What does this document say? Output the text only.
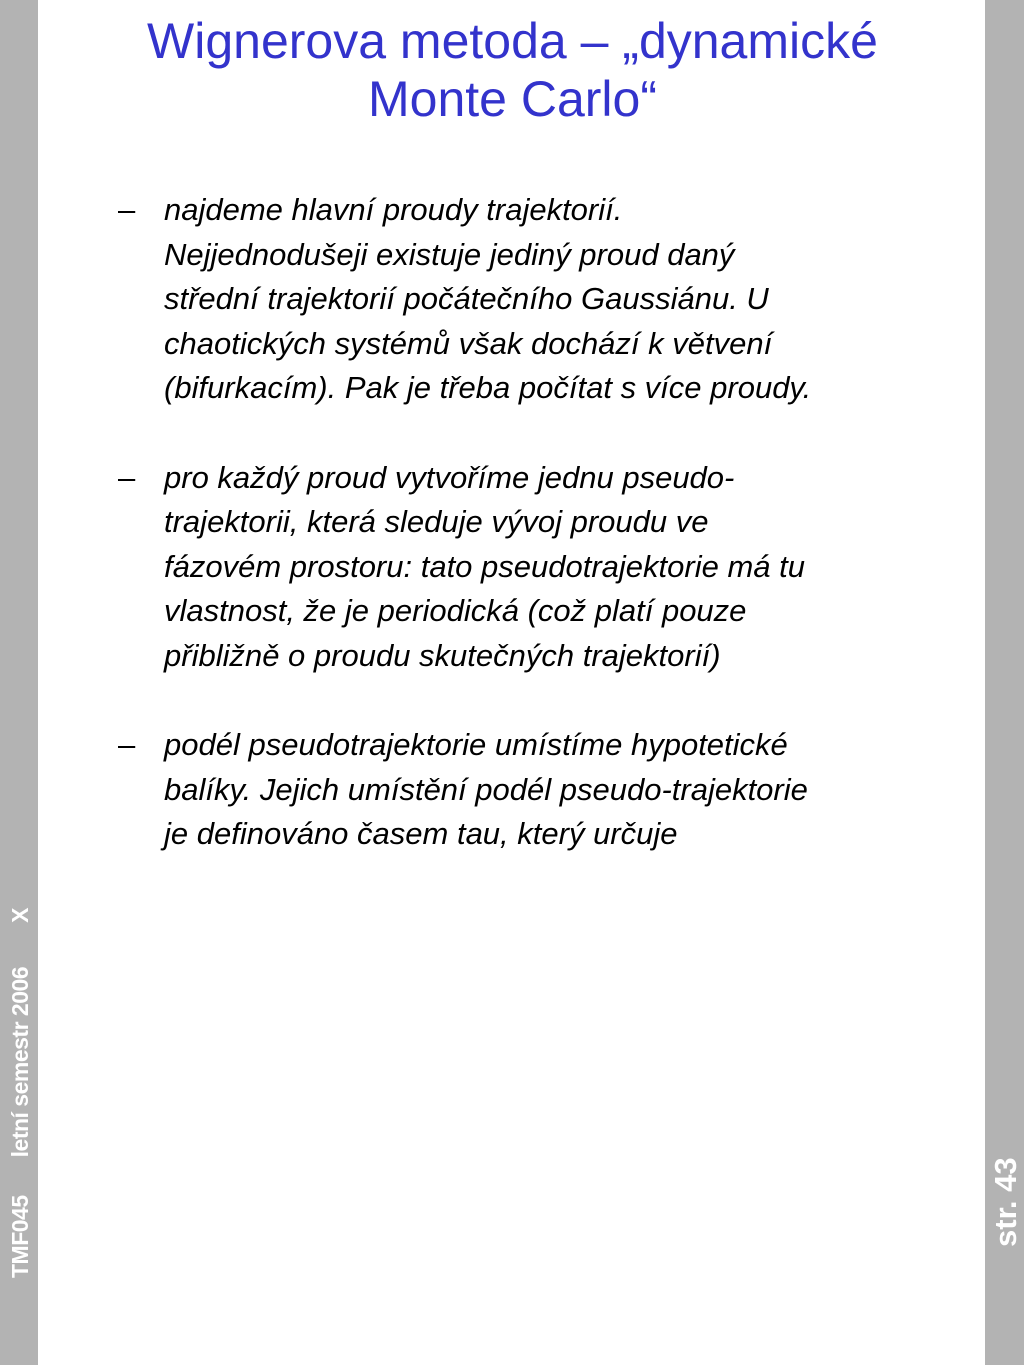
TMF045letní semestr 2006X
str. 43
Wignerova metoda – „dynamické
Monte Carlo“
– najdeme hlavní proudy trajektorií.
Nejjednodušeji existuje jediný proud daný
střední trajektorií počátečního Gaussiánu. U
chaotických systémů však dochází k větvení
(bifurkacím). Pak je třeba počítat s více proudy.
– pro každý proud vytvoříme jednu pseudo-
trajektorii, která sleduje vývoj proudu ve
fázovém prostoru: tato pseudotrajektorie má tu
vlastnost, že je periodická (což platí pouze
přibližně o proudu skutečných trajektorií)
– podél pseudotrajektorie umístíme hypotetické
balíky. Jejich umístění podél pseudo-trajektorie
je definováno časem tau, který určuje
